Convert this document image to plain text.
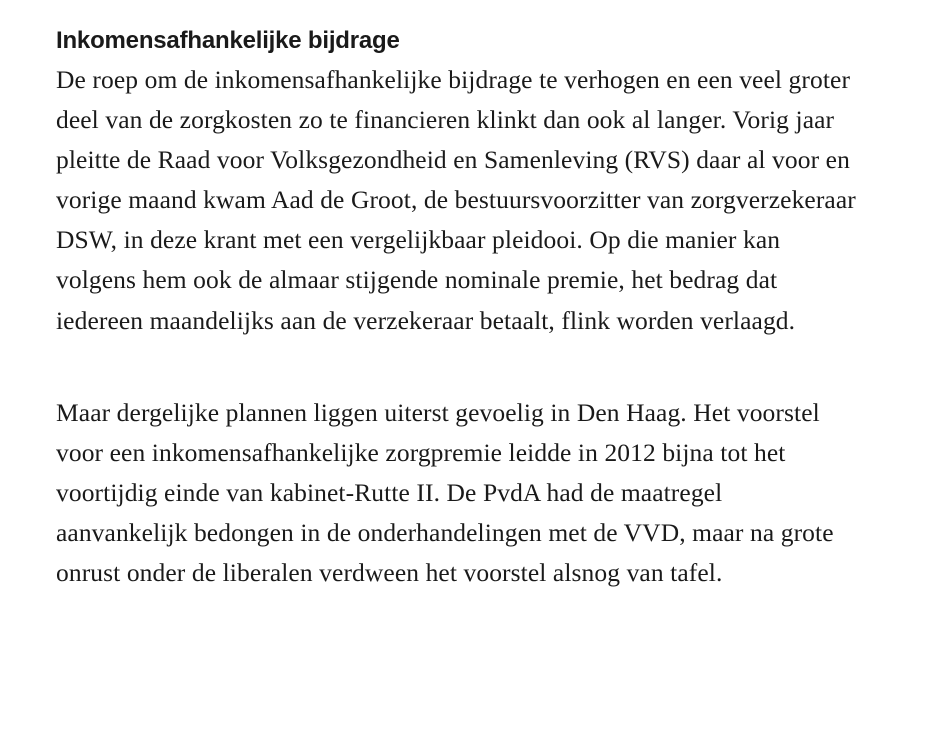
Inkomensafhankelijke bijdrage

De roep om de inkomensafhankelijke bijdrage te verhogen en een veel groter deel van de zorgkosten zo te financieren klinkt dan ook al langer. Vorig jaar pleitte de Raad voor Volksgezondheid en Samenleving (RVS) daar al voor en vorige maand kwam Aad de Groot, de bestuursvoorzitter van zorgverzekeraar DSW, in deze krant met een vergelijkbaar pleidooi. Op die manier kan volgens hem ook de almaar stijgende nominale premie, het bedrag dat iedereen maandelijks aan de verzekeraar betaalt, flink worden verlaagd.

Maar dergelijke plannen liggen uiterst gevoelig in Den Haag. Het voorstel voor een inkomensafhankelijke zorgpremie leidde in 2012 bijna tot het voortijdig einde van kabinet-Rutte II. De PvdA had de maatregel aanvankelijk bedongen in de onderhandelingen met de VVD, maar na grote onrust onder de liberalen verdween het voorstel alsnog van tafel.
